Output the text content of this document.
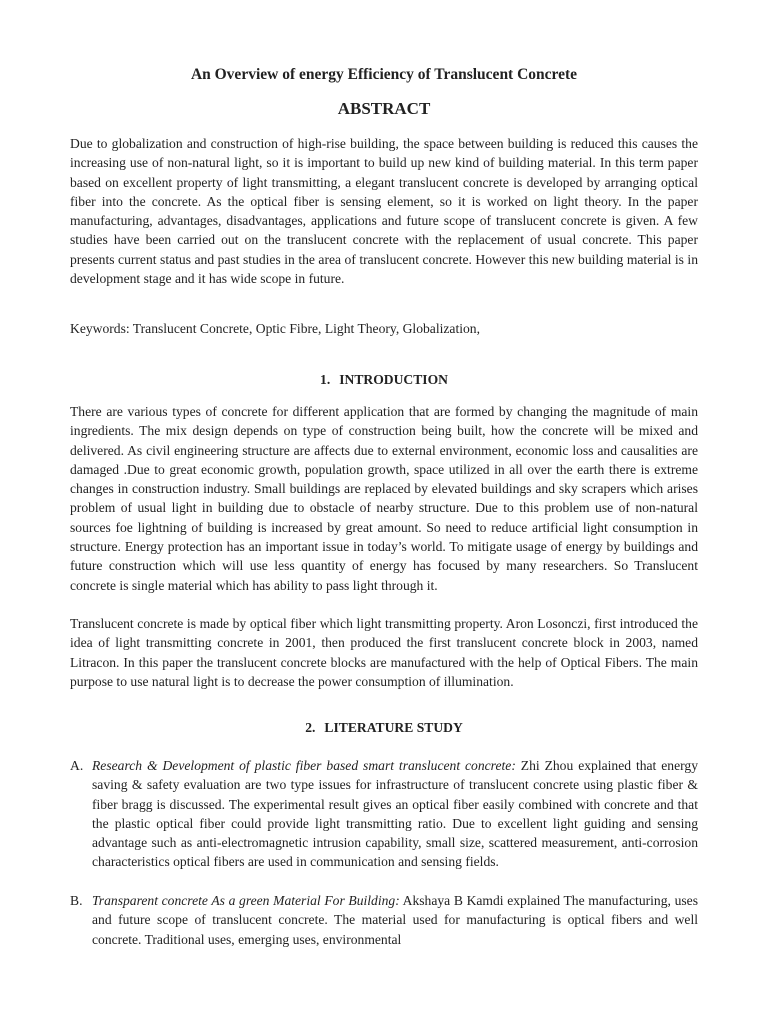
An Overview of energy Efficiency of Translucent Concrete
ABSTRACT

Due to globalization and construction of high-rise building, the space between building is reduced this causes the increasing use of non-natural light, so it is important to build up new kind of building material. In this term paper based on excellent property of light transmitting, a elegant translucent concrete is developed by arranging optical fiber into the concrete. As the optical fiber is sensing element, so it is worked on light theory. In the paper manufacturing, advantages, disadvantages, applications and future scope of translucent concrete is given. A few studies have been carried out on the translucent concrete with the replacement of usual concrete. This paper presents current status and past studies in the area of translucent concrete. However this new building material is in development stage and it has wide scope in future.

Keywords: Translucent Concrete, Optic Fibre, Light Theory, Globalization,

1. INTRODUCTION

There are various types of concrete for different application that are formed by changing the magnitude of main ingredients. The mix design depends on type of construction being built, how the concrete will be mixed and delivered. As civil engineering structure are affects due to external environment, economic loss and causalities are damaged .Due to great economic growth, population growth, space utilized in all over the earth there is extreme changes in construction industry. Small buildings are replaced by elevated buildings and sky scrapers which arises problem of usual light in building due to obstacle of nearby structure. Due to this problem use of non-natural sources foe lightning of building is increased by great amount. So need to reduce artificial light consumption in structure. Energy protection has an important issue in today’s world. To mitigate usage of energy by buildings and future construction which will use less quantity of energy has focused by many researchers. So Translucent concrete is single material which has ability to pass light through it.

Translucent concrete is made by optical fiber which light transmitting property. Aron Losonczi, first introduced the idea of light transmitting concrete in 2001, then produced the first translucent concrete block in 2003, named Litracon. In this paper the translucent concrete blocks are manufactured with the help of Optical Fibers. The main purpose to use natural light is to decrease the power consumption of illumination.

2. LITERATURE STUDY
A. Research & Development of plastic fiber based smart translucent concrete: Zhi Zhou explained that energy saving & safety evaluation are two type issues for infrastructure of translucent concrete using plastic fiber & fiber bragg is discussed. The experimental result gives an optical fiber easily combined with concrete and that the plastic optical fiber could provide light transmitting ratio. Due to excellent light guiding and sensing advantage such as anti-electromagnetic intrusion capability, small size, scattered measurement, anti-corrosion characteristics optical fibers are used in communication and sensing fields.
B. Transparent concrete As a green Material For Building: Akshaya B Kamdi explained The manufacturing, uses and future scope of translucent concrete. The material used for manufacturing is optical fibers and well concrete. Traditional uses, emerging uses, environmental
